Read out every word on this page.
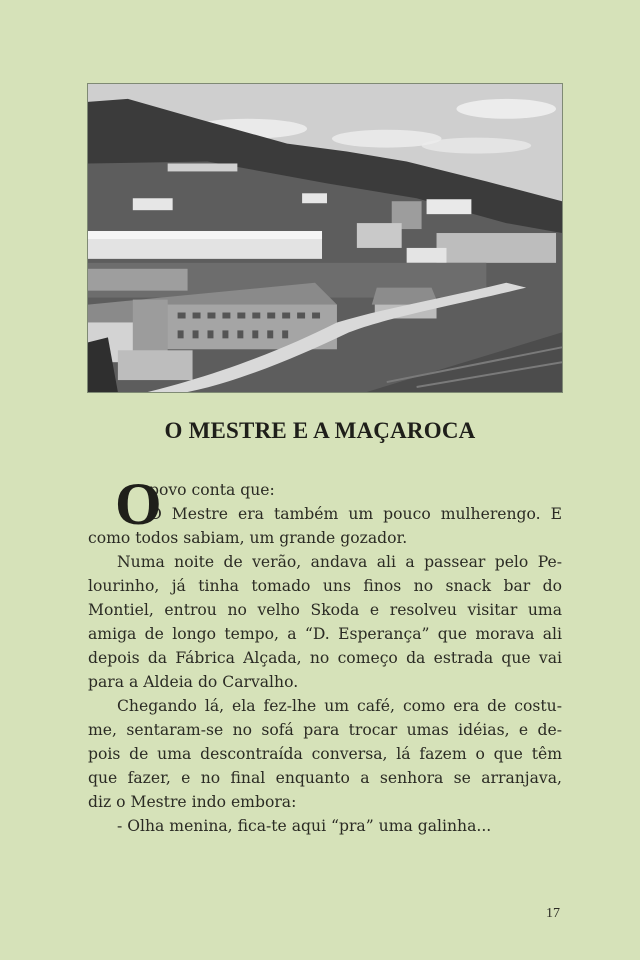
O MESTRE E A MAÇAROCA
O
povo conta que:
O Mestre era também um pouco mulherengo. E
como todos sabiam, um grande gozador.
Numa noite de verão, andava ali a passear pelo Pe-
lourinho, já tinha tomado uns finos no snack bar do
Montiel, entrou no velho Skoda e resolveu visitar uma
amiga de longo tempo, a “D. Esperança” que morava ali
depois da Fábrica Alçada, no começo da estrada que vai
para a Aldeia do Carvalho.
Chegando lá, ela fez-lhe um café, como era de costu-
me, sentaram-se no sofá para trocar umas idéias, e de-
pois de uma descontraída conversa, lá fazem o que têm
que fazer, e no final enquanto a senhora se arranjava,
diz o Mestre indo embora:
- Olha menina, fica-te aqui “pra” uma galinha...
17
